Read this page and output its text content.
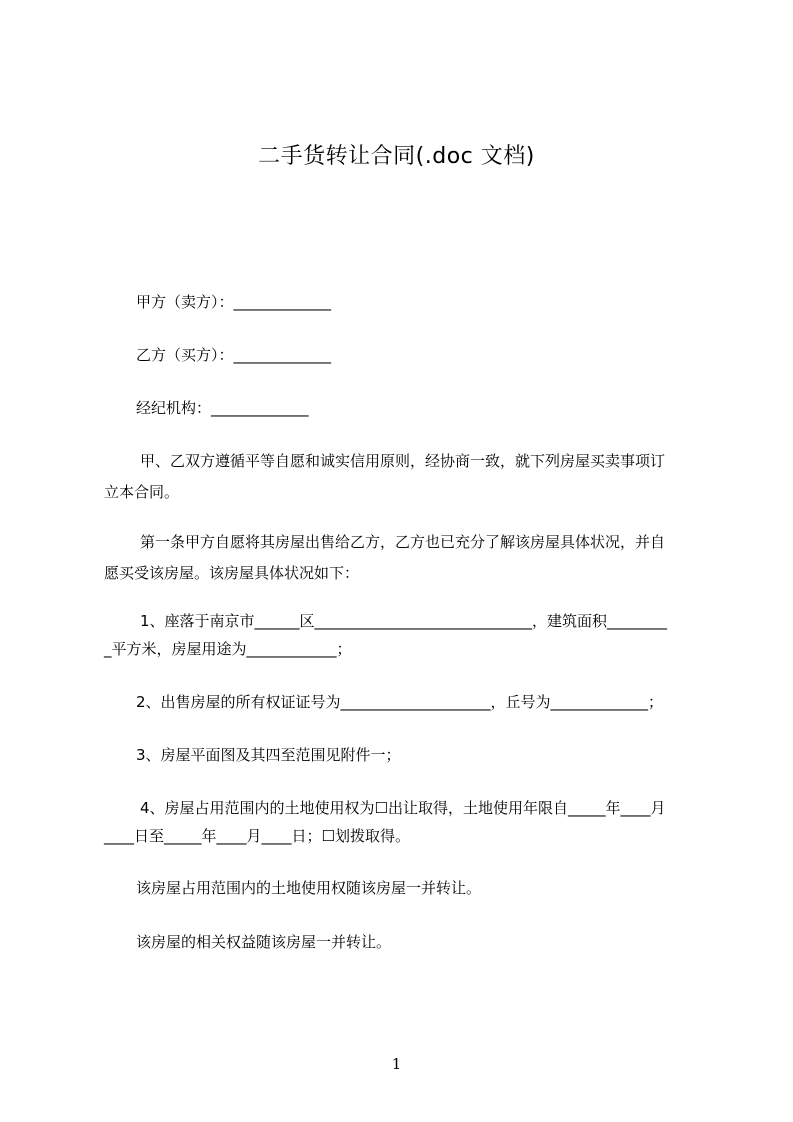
二手货转让合同(.doc 文档)
甲方（卖方）：_____________
乙方（买方）：_____________
经纪机构：_____________
甲、乙双方遵循平等自愿和诚实信用原则，经协商一致，就下列房屋买卖事项订
立本合同。
第一条甲方自愿将其房屋出售给乙方，乙方也已充分了解该房屋具体状况，并自
愿买受该房屋。该房屋具体状况如下：
1、座落于南京市______区_____________________________，建筑面积________
_平方米，房屋用途为____________；
2、出售房屋的所有权证证号为____________________，丘号为_____________；
3、房屋平面图及其四至范围见附件一；
4、房屋占用范围内的土地使用权为☐出让取得，土地使用年限自_____年____月
____日至_____年____月____日；☐划拨取得。
该房屋占用范围内的土地使用权随该房屋一并转让。
该房屋的相关权益随该房屋一并转让。
1
